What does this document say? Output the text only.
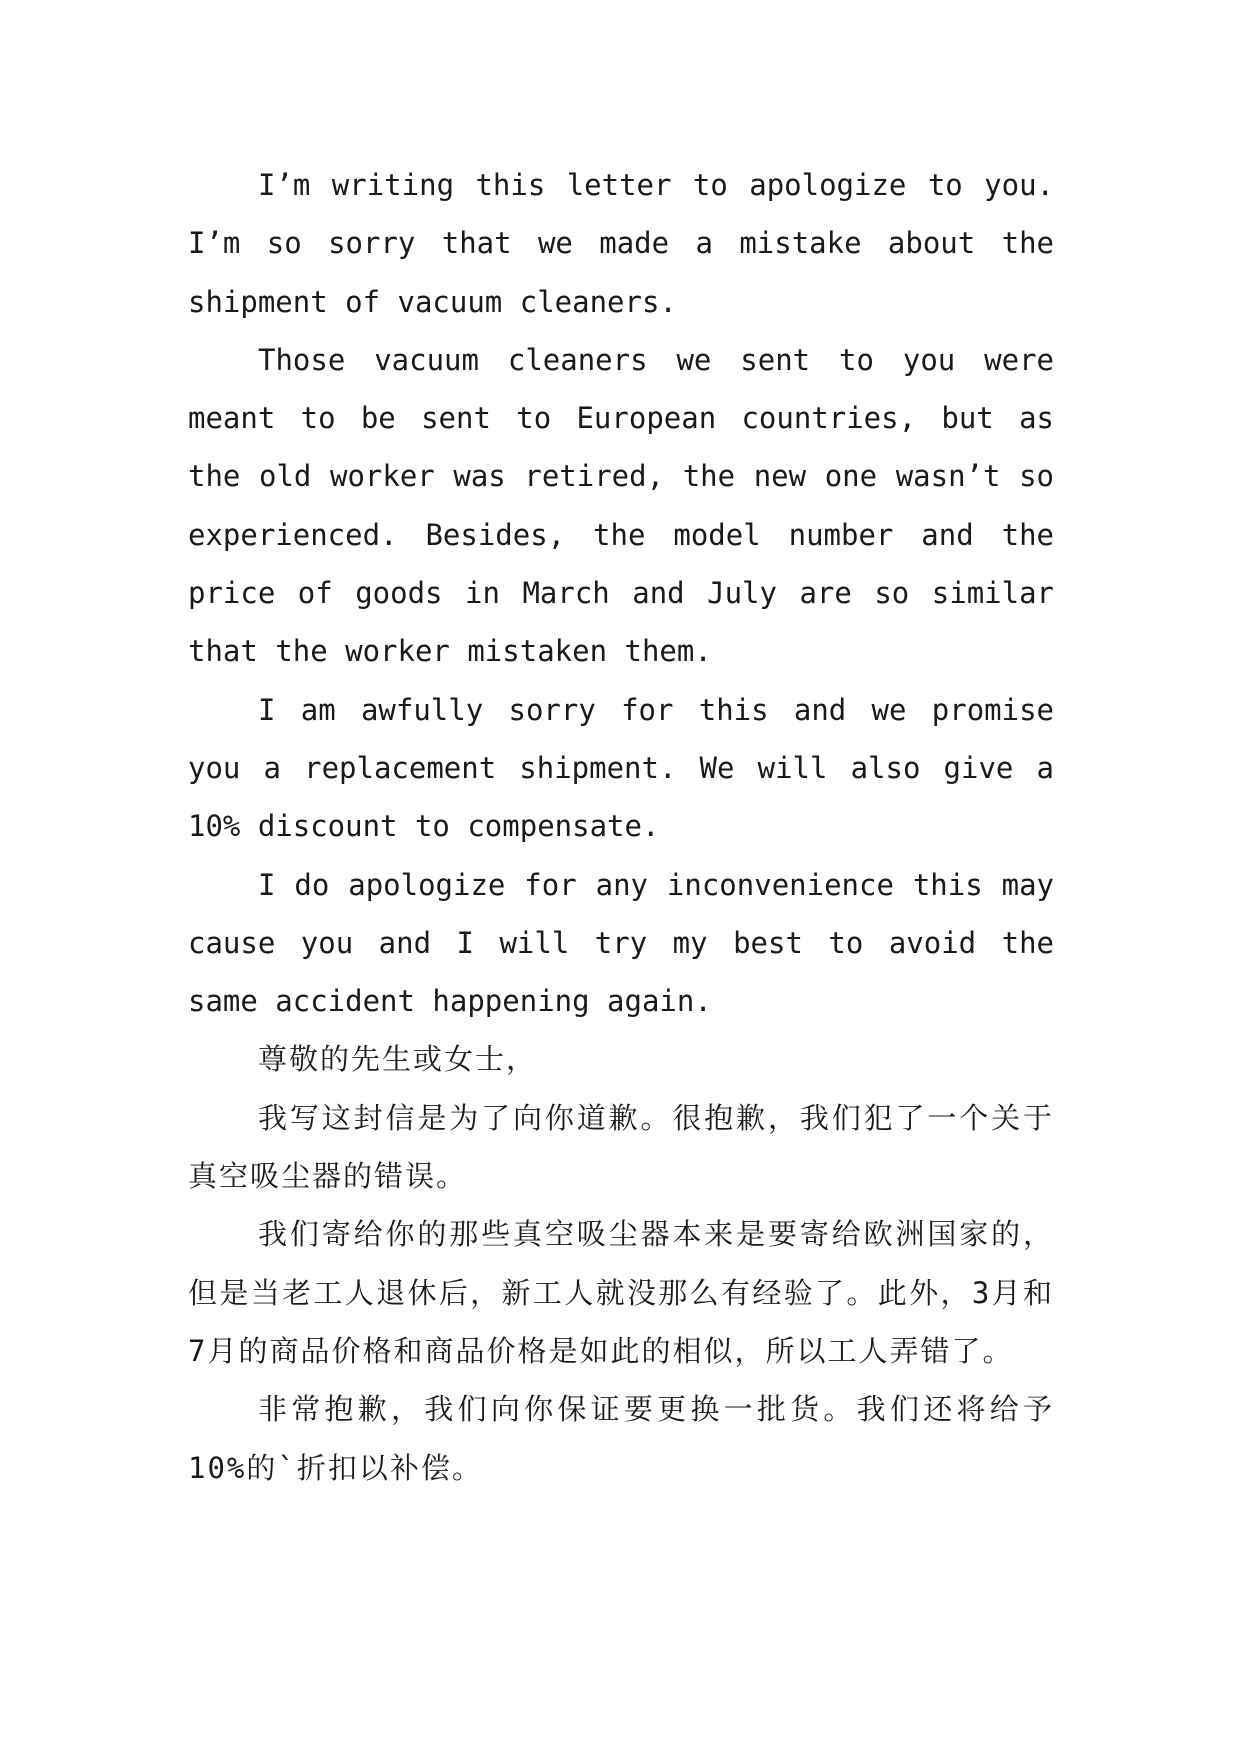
I’m writing this letter to apologize to you. I’m so sorry that we made a mistake about the shipment of vacuum cleaners.

Those vacuum cleaners we sent to you were meant to be sent to European countries, but as the old worker was retired, the new one wasn’t so experienced. Besides, the model number and the price of goods in March and July are so similar that the worker mistaken them.

I am awfully sorry for this and we promise you a replacement shipment. We will also give a 10% discount to compensate.

I do apologize for any inconvenience this may cause you and I will try my best to avoid the same accident happening again.

尊敬的先生或女士，

我写这封信是为了向你道歉。很抱歉，我们犯了一个关于真空吸尘器的错误。

我们寄给你的那些真空吸尘器本来是要寄给欧洲国家的，但是当老工人退休后，新工人就没那么有经验了。此外，3月和7月的商品价格和商品价格是如此的相似，所以工人弄错了。

非常抱歉，我们向你保证要更换一批货。我们还将给予10%的`折扣以补偿。
